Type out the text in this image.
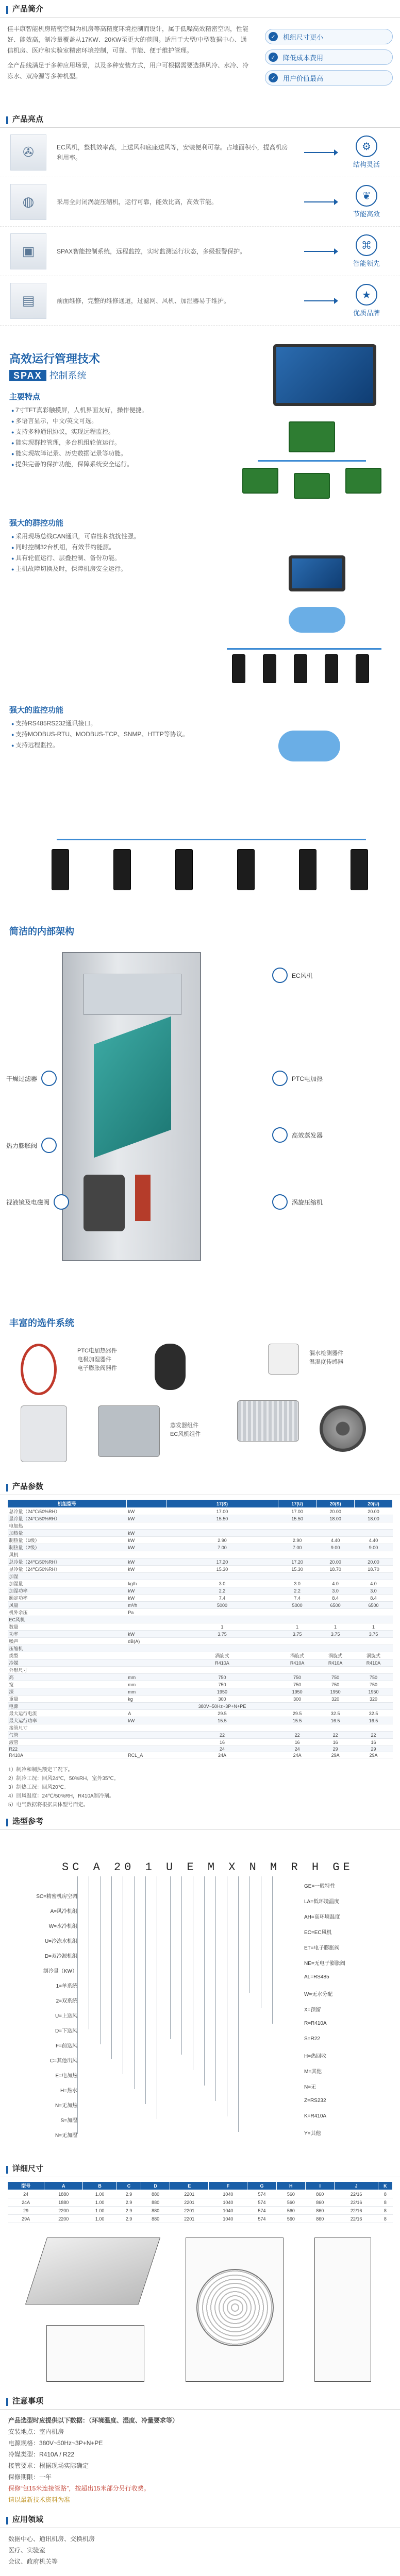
产品简介

佳丰康智能机房精密空调为机房等高精度环境控制而设计，属于低噪高效精密空调，性能好、能效高，制冷量覆盖从17KW、20KW至更大的范围。适用于大型/中型数据中心、通信机房、医疗和实验室精密环境控制，可靠、节能、便于维护管理。

全产品线满足于多种应用场景，以及多种安装方式，用户可根据需要选择风冷、水冷、冷冻水、双冷源等多种机型。

✓	机组尺寸更小
✓	降低成本费用
✓	用户价值最高
产品亮点
✇	EC风机，整机效率高，上送风和底座送风等，安装便利可靠。占地面积小，提高机房利用率。
⚙
结构灵活
◍	采用全封闭涡旋压缩机，运行可靠，能效比高，高效节能。	❦
节能高效
▣	SPAX智能控制系统，远程监控，实时监测运行状态，多级报警保护。	⌘
智能领先
▤	前面维修，完整的维修通道，过滤网、风机、加湿器易于维护。	★
优质品牌
高效运行管理技术
SPAX 控制系统
主要特点
● 7寸TFT真彩触摸屏，人机界面友好，操作便捷。
● 多语言显示，中文/英文可选。
● 支持多种通讯协议，实现远程监控。
● 能实现群控管理，多台机组轮值运行。
● 能实现故障记录、历史数据记录等功能。
● 提供完善的保护功能，保障系统安全运行。
强大的群控功能
● 采用现场总线CAN通讯，可靠性和抗扰性强。
● 同时控制32台机组，有效节约能源。
● 具有轮值运行、层叠控制、备份功能。
● 主机故障切换及时，保障机房安全运行。
强大的监控功能
● 支持RS485RS232通讯接口。
● 支持MODBUS-RTU、MODBUS-TCP、SNMP、HTTP等协议。
● 支持远程监控。
简洁的内部架构
干燥过滤器
热力膨胀阀
视液镜及电磁阀
EC风机
PTC电加热
高效蒸发器
涡旋压缩机
丰富的选件系统
PTC电加热器件
电极加湿器件
电子膨胀阀器件
漏水检测器件
温湿度传感器
蒸发器组件
EC风机组件
产品参数
机组型号		17(S)	17(U)	20(S)	20(U)
总冷量（24℃/50%RH）	kW	17.00	17.00	20.00	20.00
显冷量（24℃/50%RH）	kW	15.50	15.50	18.00	18.00
电加热					
加热量	kW				
制热量（1级）	kW	2.90	2.90	4.40	4.40
制热量（2级）	kW	7.00	7.00	9.00	9.00
风机					
总冷量（24℃/50%RH）	kW	17.20	17.20	20.00	20.00
显冷量（24℃/50%RH）	kW	15.30	15.30	18.70	18.70
加湿					
加湿量	kg/h	3.0	3.0	4.0	4.0
加湿功率	kW	2.2	2.2	3.0	3.0
额定功率	kW	7.4	7.4	8.4	8.4
风量	m³/h	5000	5000	6500	6500
机外余压	Pa				
EC风机					
数量		1	1	1	1
功率	kW	3.75	3.75	3.75	3.75
噪声	dB(A)				
压缩机					
类型		涡旋式	涡旋式	涡旋式	涡旋式
冷媒		R410A	R410A	R410A	R410A
外形尺寸					
高	mm	750	750	750	750
宽	mm	750	750	750	750
深	mm	1950	1950	1950	1950
重量	kg	300	300	320	320
电源		380V~50Hz~3P+N+PE			
最大运行电流	A	29.5	29.5	32.5	32.5
最大运行功率	kW	15.5	15.5	16.5	16.5
接管尺寸					
气管		22	22	22	22
液管		16	16	16	16
R22		24	24	29	29
R410A	RCL_A	24A	24A	29A	29A
1）制冷和制热额定工况下。
2）制冷工况：回风24℃，50%RH，室外35℃。
3）制热工况：回风20℃。
4）回风温度：24℃/50%RH，R410A制冷剂。
5）电气数据将根据具体型号而定。
选型参考
SC A 20 1 U E M X N M R H GE
SC=精密机房空调
A=风冷机组
W=水冷机组
U=冷冻水机组
D=双冷源机组
制冷量（KW）
1=单系统
2=双系统
U=上送风
D=下送风
F=前送风
C=其他出风
E=电加热
H=热水
N=无加热
S=加湿
N=无加湿
GE=一般特性
LA=低环境温度
AH=高环境温度
EC=EC风机
ET=电子膨胀阀
NE=无电子膨胀阀
AL=RS485
W=无水分配
X=预留
R=R410A
S=R22
H=热回收
M=其他
N=无
Z=RS232
K=R410A
Y=其他
详细尺寸
型号	A	B	C	D	E	F	G	H	I	J	K
24	1880	1.00	2.9	880	2201	1040	574	560	860	22/16	8
24A	1880	1.00	2.9	880	2201	1040	574	560	860	22/16	8
29	2200	1.00	2.9	880	2201	1040	574	560	860	22/16	8
29A	2200	1.00	2.9	880	2201	1040	574	560	860	22/16	8
注意事项
产品选型时应提供以下数据：（环境温度、湿度、冷量要求等）
安装地点：室内机房
电源规格：380V~50Hz~3P+N+PE
冷媒类型：R410A / R22
接管要求：根据现场实际确定
保修期限：一年
保修“包15米连接管路”，按超出15米部分另行收费。
请以最新技术资料为准
应用领域
数据中心、通讯机房、交换机房
医疗、实验室
会议、政府机关等
